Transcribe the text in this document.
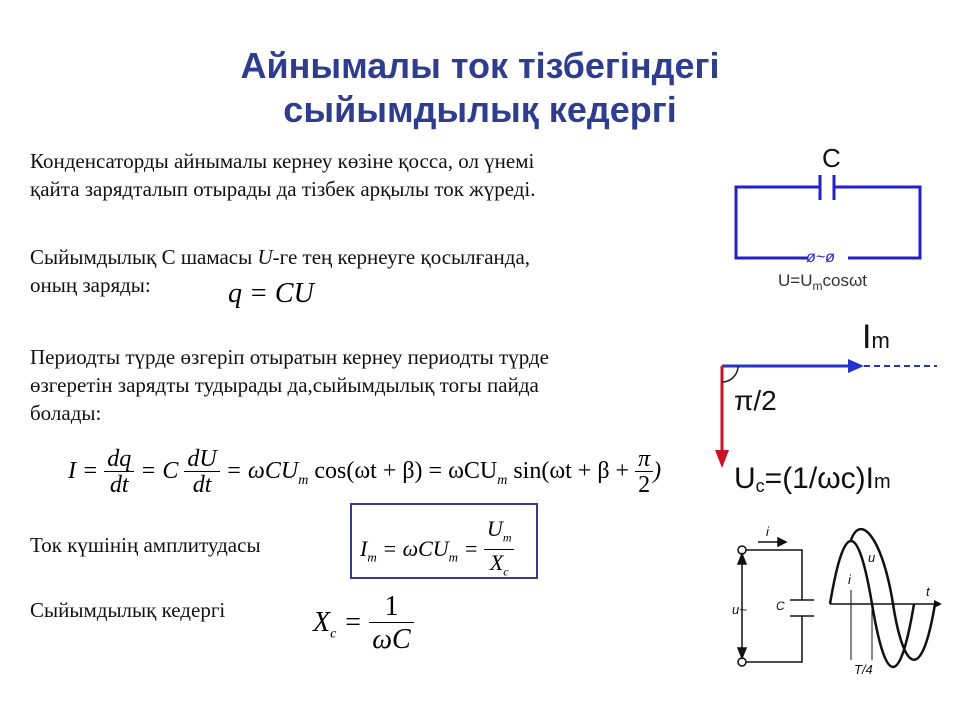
Айнымалы ток тізбегіндегі
сыйымдылық кедергі
Конденсаторды айнымалы кернеу көзіне қосса, ол үнемі
қайта зарядталып отырады да тізбек арқылы ток жүреді.
Сыйымдылық С шамасы U-ге тең кернеуге қосылғанда,
оның заряды:	q = CU
Периодты түрде өзгеріп отыратын кернеу периодты түрде
өзгеретін зарядты тудырады да,сыйымдылық тогы пайда
болады:
$I = \frac{dq}{dt} = C \frac{dU}{dt} = \omega CU_m$ cos(ωt + β) = ωCU$_m$ $\sin(\omega t + \beta + \frac{\pi}{2}$ )
Ток күшінің амплитудасы	$I_m = \omega CU_m = \frac{U_m}{X_c}$
Сыйымдылық кедергі	$X_c = \frac{1}{\omega C}$
C
ø~ø
$U=U_m\cos\omega t$
Im
π/2
Uc=(1/ωc)Im
i
u~ C
u
i
t
T/4
